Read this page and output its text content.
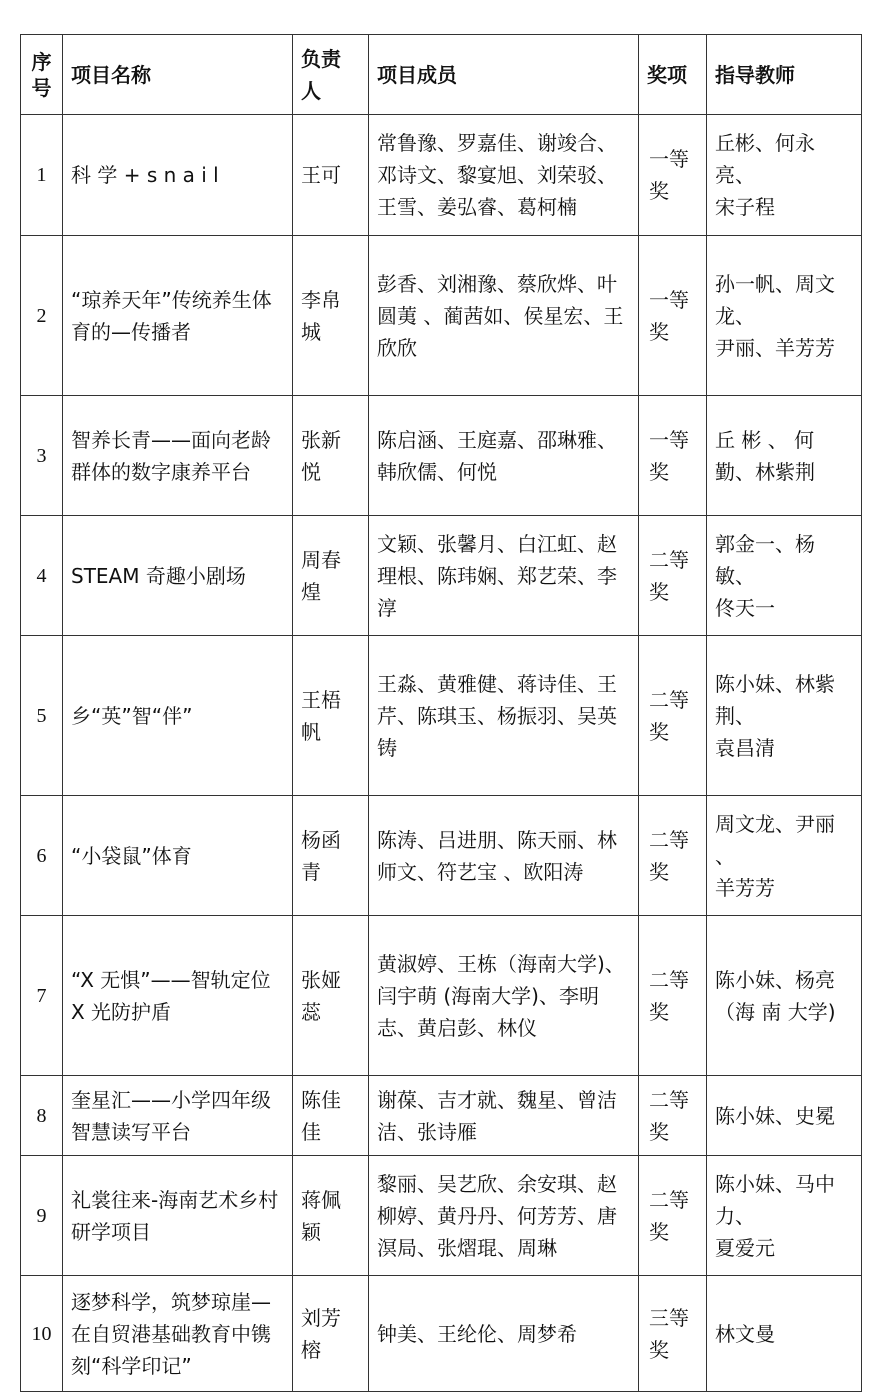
序号	项目名称	负责人	项目成员	奖项	指导教师
1	科 学 + s n a i l	王可	常鲁豫、罗嘉佳、谢竣合、邓诗文、黎宴旭、刘荣驳、王雪、姜弘睿、葛柯楠	一等奖	丘彬、何永亮、
宋子程
2	“琼养天年”传统养生体育的—传播者	李帛城	彭香、刘湘豫、蔡欣烨、叶圆荑 、蔺茜如、侯星宏、王欣欣	一等奖	孙一帆、周文龙、
尹丽、羊芳芳
3	智养长青——面向老龄群体的数字康养平台	张新悦	陈启涵、王庭嘉、邵琳雅、韩欣儒、何悦	一等奖	丘 彬 、 何勤、林紫荆
4	STEAM 奇趣小剧场	周春煌	文颖、张馨月、白江虹、赵理根、陈玮娴、郑艺荣、李淳	二等奖	郭金一、杨敏、
佟天一
5	乡“英”智“伴”	王梧帆	王淼、黄雅健、蒋诗佳、王芹、陈琪玉、杨振羽、吴英铸	二等奖	陈小妹、林紫荆、
袁昌清
6	“小袋鼠”体育	杨函青	陈涛、吕进朋、陈天丽、林师文、符艺宝 、欧阳涛	二等奖	周文龙、尹丽 、
羊芳芳
7	“X 无惧”——智轨定位 X 光防护盾	张娅蕊	黄淑婷、王栋（海南大学)、闫宇萌 (海南大学)、李明志、黄启彭、林仪	二等奖	陈小妹、杨亮
（海 南 大学)
8	奎星汇——小学四年级智慧读写平台	陈佳佳	谢葆、吉才就、魏星、曾洁洁、张诗雁	二等奖	陈小妹、史冕
9	礼裳往来-海南艺术乡村研学项目	蒋佩颖	黎丽、吴艺欣、余安琪、赵柳婷、黄丹丹、何芳芳、唐溟局、张熠琨、周琳	二等奖	陈小妹、马中力、
夏爱元
10	逐梦科学，筑梦琼崖— 在自贸港基础教育中镌刻“科学印记”	刘芳榕	钟美、王纶伦、周梦希	三等奖	林文曼
